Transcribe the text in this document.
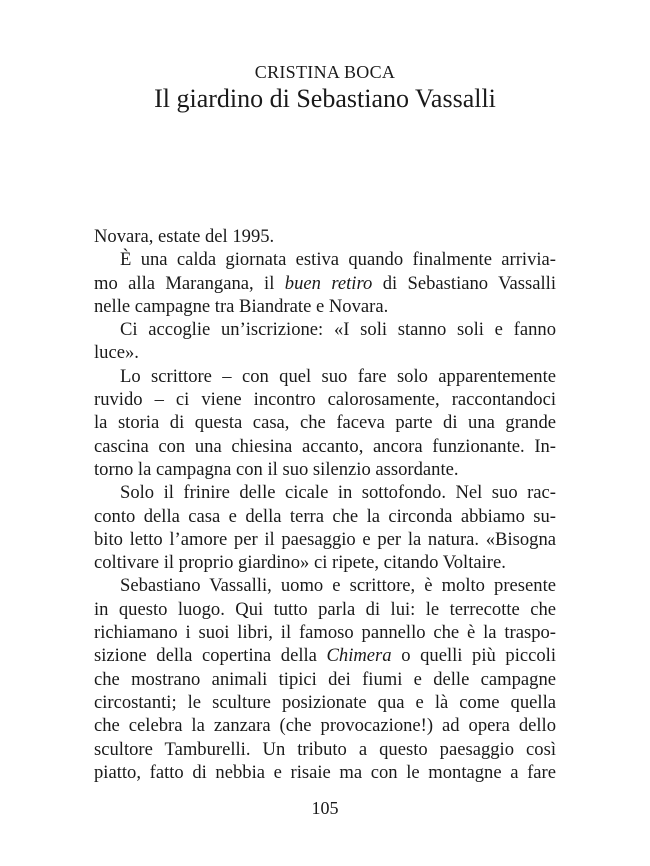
CRISTINA BOCA
Il giardino di Sebastiano Vassalli
Novara, estate del 1995.
È una calda giornata estiva quando finalmente arrivia-
mo alla Marangana, il buen retiro di Sebastiano Vassalli
nelle campagne tra Biandrate e Novara.
Ci accoglie un’iscrizione: «I soli stanno soli e fanno
luce».
Lo scrittore – con quel suo fare solo apparentemente
ruvido – ci viene incontro calorosamente, raccontandoci
la storia di questa casa, che faceva parte di una grande
cascina con una chiesina accanto, ancora funzionante. In-
torno la campagna con il suo silenzio assordante.
Solo il frinire delle cicale in sottofondo. Nel suo rac-
conto della casa e della terra che la circonda abbiamo su-
bito letto l’amore per il paesaggio e per la natura. «Bisogna
coltivare il proprio giardino» ci ripete, citando Voltaire.
Sebastiano Vassalli, uomo e scrittore, è molto presente
in questo luogo. Qui tutto parla di lui: le terrecotte che
richiamano i suoi libri, il famoso pannello che è la traspo-
sizione della copertina della Chimera o quelli più piccoli
che mostrano animali tipici dei fiumi e delle campagne
circostanti; le sculture posizionate qua e là come quella
che celebra la zanzara (che provocazione!) ad opera dello
scultore Tamburelli. Un tributo a questo paesaggio così
piatto, fatto di nebbia e risaie ma con le montagne a fare
105
